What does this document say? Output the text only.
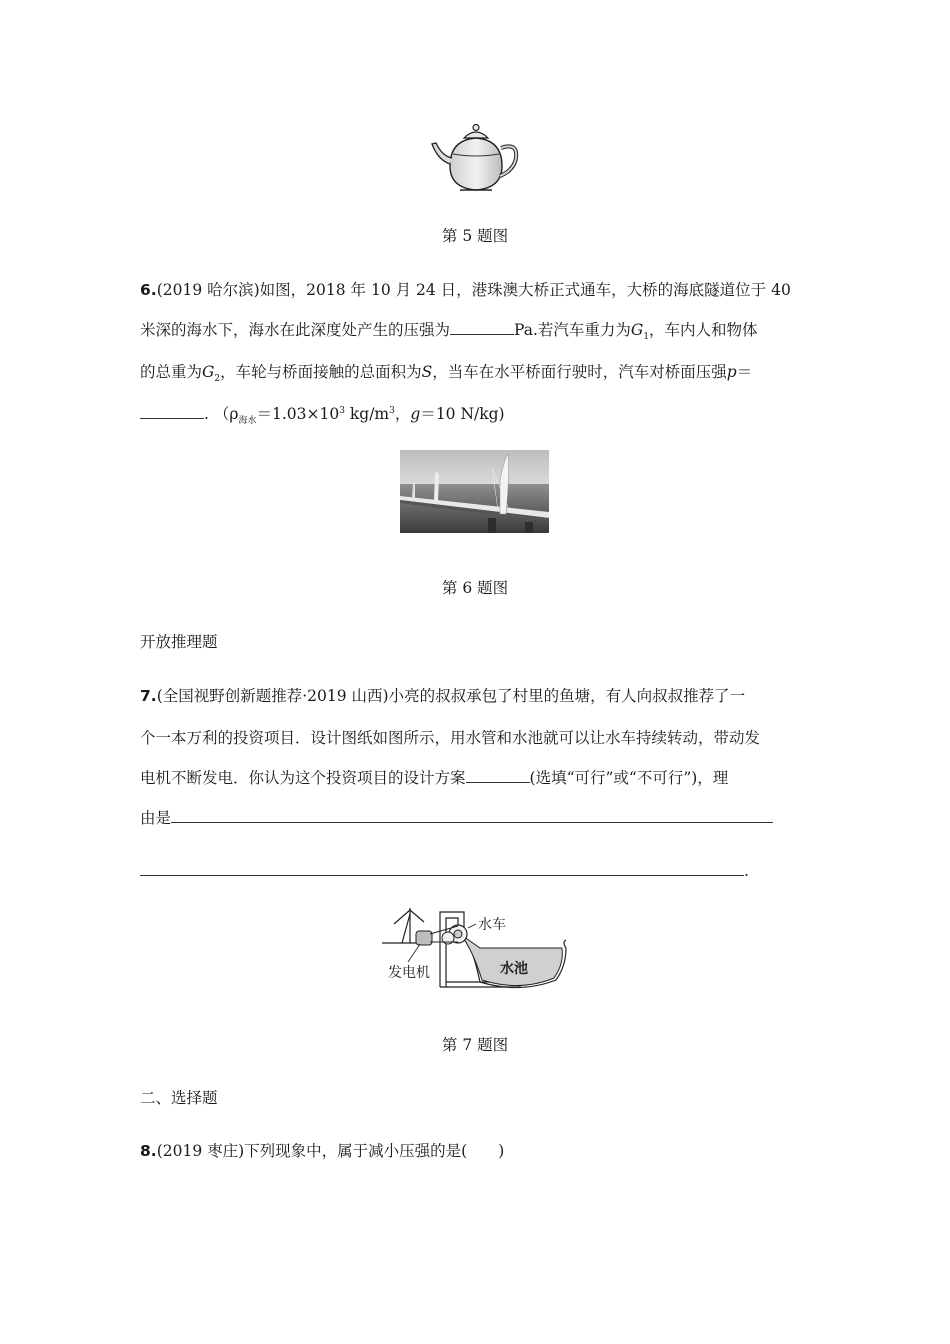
第 5 题图
6.(2019 哈尔滨)如图，2018 年 10 月 24 日，港珠澳大桥正式通车，大桥的海底隧道位于 40
米深的海水下，海水在此深度处产生的压强为	Pa.若汽车重力为$G_1$，车内人和物体
的总重为$G_2$，车轮与桥面接触的总面积为S，当车在水平桥面行驶时，汽车对桥面压强p＝
. （$\rho_{海水}=1.03\times 10^3$ $kg/m^3$，g＝10 N/kg)
第 6 题图
开放推理题
7.(全国视野创新题推荐·2019 山西)小亮的叔叔承包了村里的鱼塘，有人向叔叔推荐了一
个一本万利的投资项目．设计图纸如图所示，用水管和水池就可以让水车持续转动，带动发
电机不断发电．你认为这个投资项目的设计方案	(选填“可行”或“不可行”)，理
由是
.
水车
水池
发电机
第 7 题图
二、选择题
8.(2019 枣庄)下列现象中，属于减小压强的是(　　)
